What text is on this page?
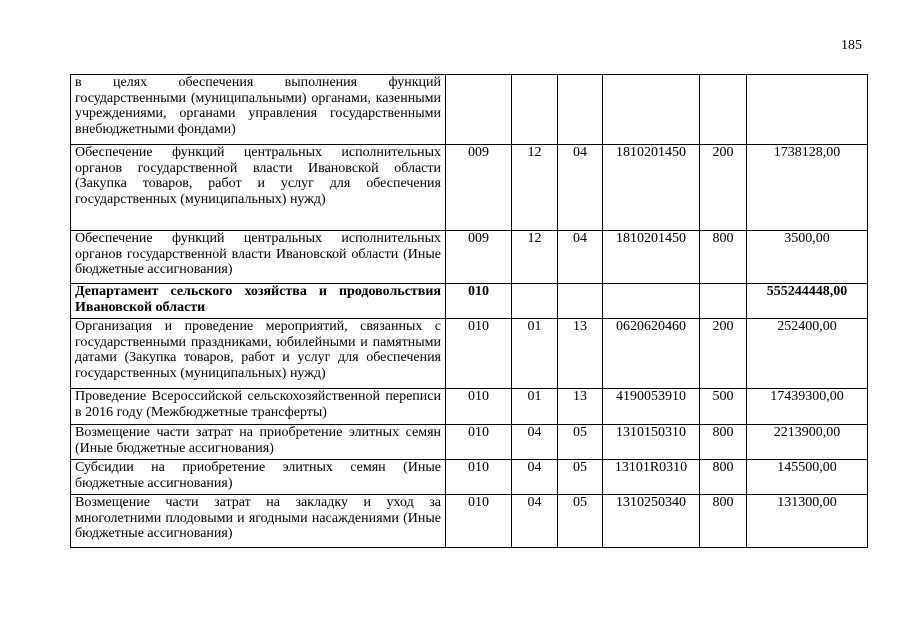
185
в целях обеспечения выполнения функций государственными (муниципальными) органами, казенными учреждениями, органами управления государственными внебюджетными фондами)						
Обеспечение функций центральных исполнительных органов государственной власти Ивановской области (Закупка товаров, работ и услуг для обеспечения государственных (муниципальных) нужд)	009	12	04	1810201450	200	1738128,00
Обеспечение функций центральных исполнительных органов государственной власти Ивановской области (Иные бюджетные ассигнования)	009	12	04	1810201450	800	3500,00
Департамент сельского хозяйства и продовольствия Ивановской области	010					555244448,00
Организация и проведение мероприятий, связанных с государственными праздниками, юбилейными и памятными датами (Закупка товаров, работ и услуг для обеспечения государственных (муниципальных) нужд)	010	01	13	0620620460	200	252400,00
Проведение Всероссийской сельскохозяйственной переписи в 2016 году (Межбюджетные трансферты)	010	01	13	4190053910	500	17439300,00
Возмещение части затрат на приобретение элитных семян (Иные бюджетные ассигнования)	010	04	05	1310150310	800	2213900,00
Субсидии на приобретение элитных семян (Иные бюджетные ассигнования)	010	04	05	13101R0310	800	145500,00
Возмещение части затрат на закладку и уход за многолетними плодовыми и ягодными насаждениями (Иные бюджетные ассигнования)	010	04	05	1310250340	800	131300,00
